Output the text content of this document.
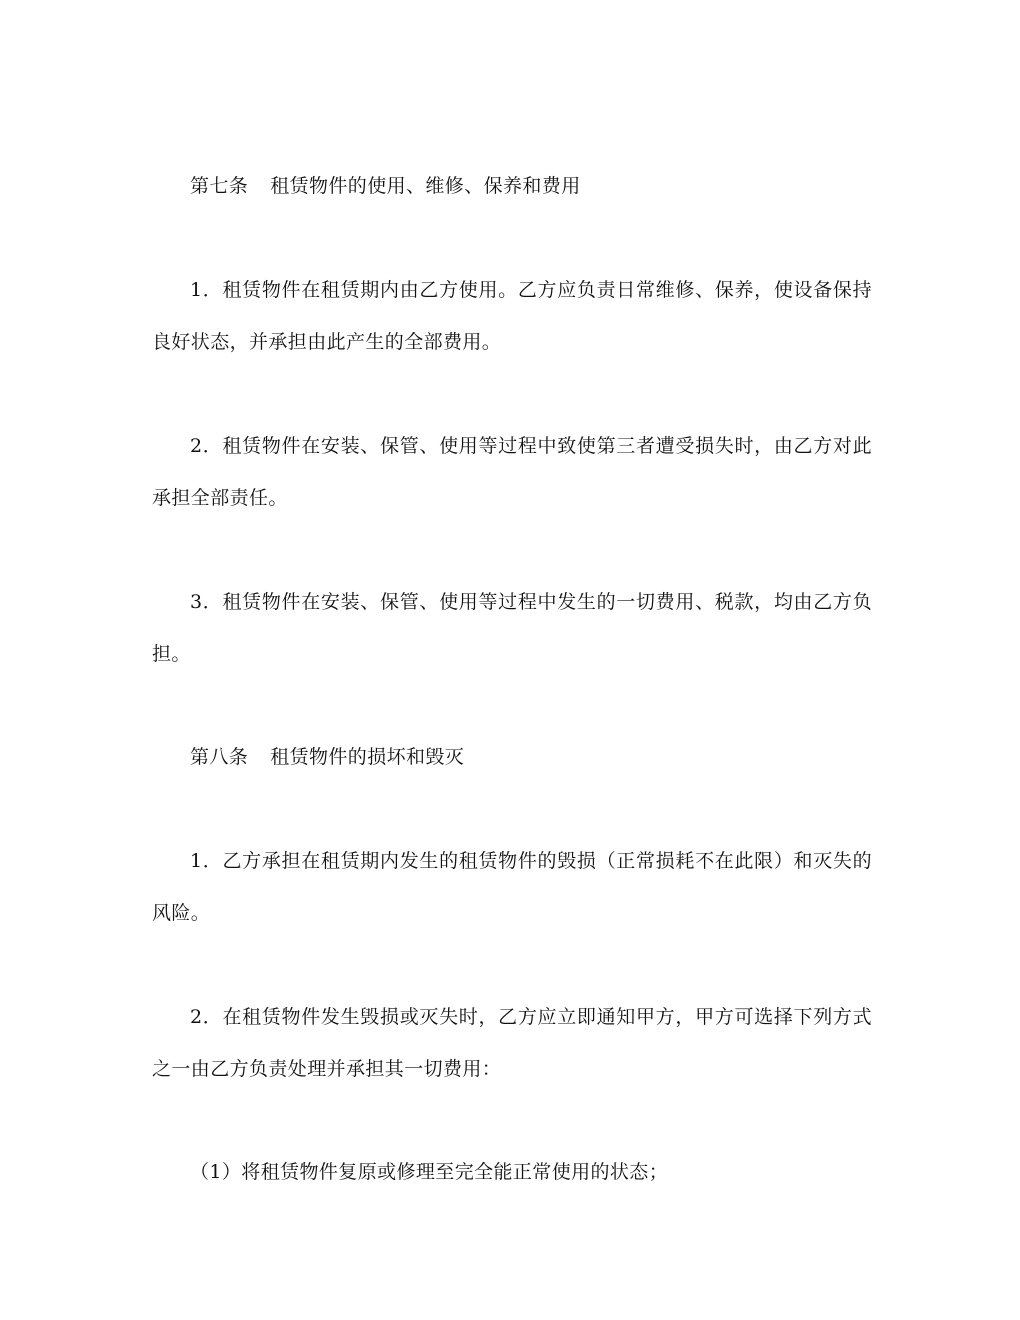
第七条 租赁物件的使用、维修、保养和费用

1．租赁物件在租赁期内由乙方使用。乙方应负责日常维修、保养，使设备保持良好状态，并承担由此产生的全部费用。

2．租赁物件在安装、保管、使用等过程中致使第三者遭受损失时，由乙方对此承担全部责任。

3．租赁物件在安装、保管、使用等过程中发生的一切费用、税款，均由乙方负担。

第八条 租赁物件的损坏和毁灭

1．乙方承担在租赁期内发生的租赁物件的毁损（正常损耗不在此限）和灭失的风险。

2．在租赁物件发生毁损或灭失时，乙方应立即通知甲方，甲方可选择下列方式之一由乙方负责处理并承担其一切费用：

（1）将租赁物件复原或修理至完全能正常使用的状态；
